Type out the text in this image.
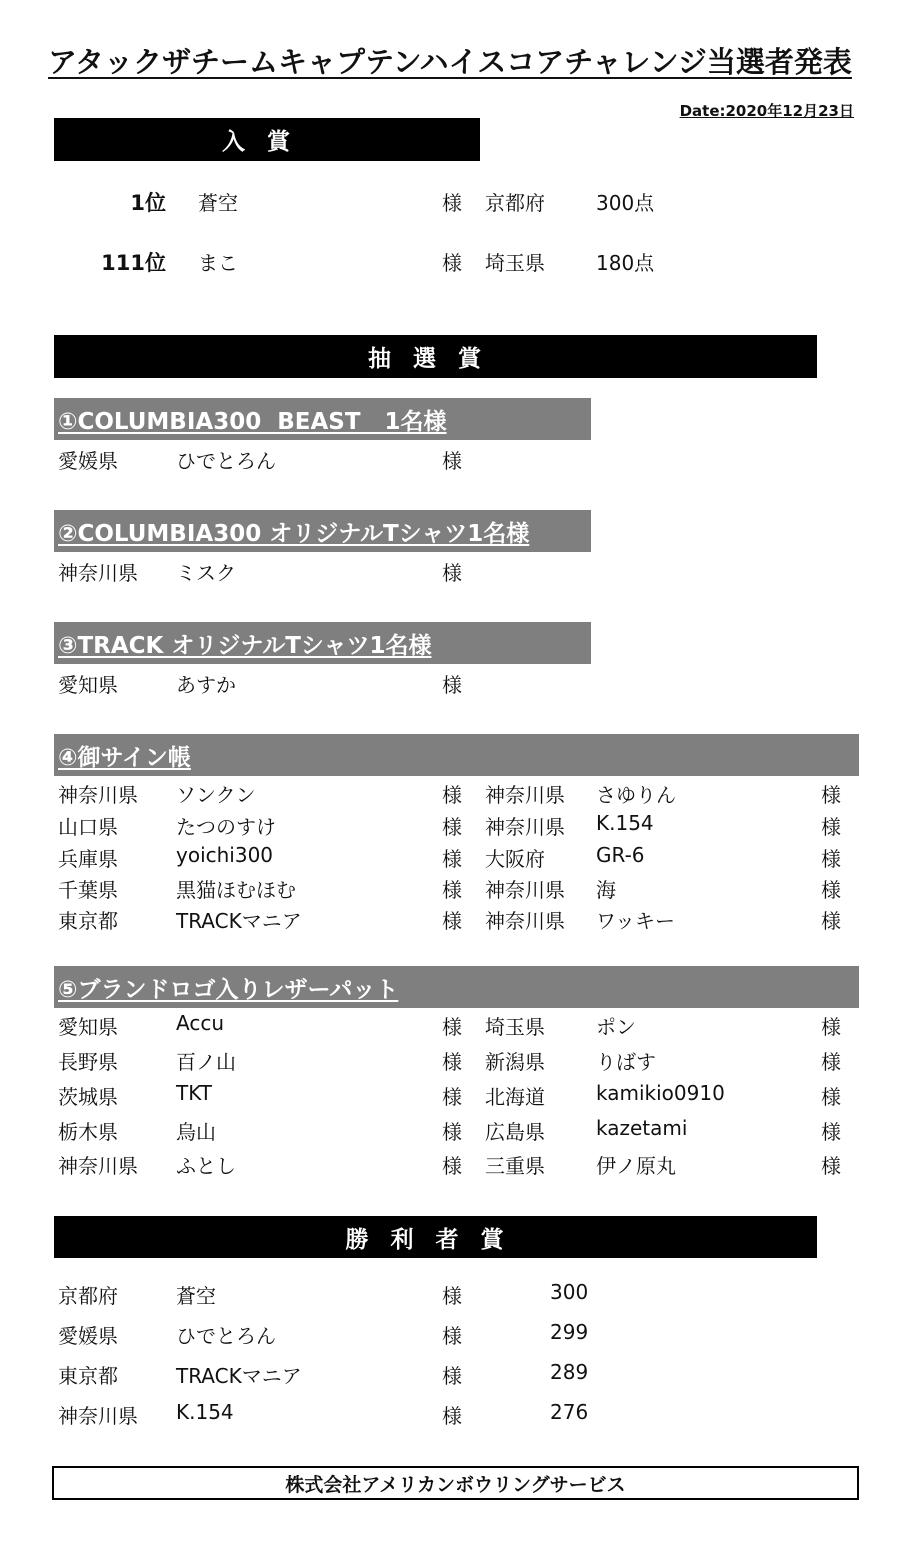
アタックザチームキャプテンハイスコアチャレンジ当選者発表
Date:2020年12月23日
入賞
1位 蒼空	様 京都府	300点
111位 まこ	様 埼玉県	180点
抽選賞
①COLUMBIA300  BEAST   1名様
愛媛県	ひでとろん	様
②COLUMBIA300 オリジナルTシャツ1名様
神奈川県 ミスク	様
③TRACK オリジナルTシャツ1名様
愛知県	あすか	様
④御サイン帳
神奈川県 ソンクン	様 神奈川県 さゆりん	様
山口県	たつのすけ	様 神奈川県 K.154	様
兵庫県	yoichi300	様 大阪府	GR-6	様
千葉県	黒猫ほむほむ	様 神奈川県 海	様
東京都	TRACKマニア	様 神奈川県 ワッキー	様
⑤ブランドロゴ入りレザーパット
愛知県	Accu	様 埼玉県	ポン	様
長野県	百ノ山	様 新潟県	りばす	様
茨城県	TKT	様 北海道	kamikio0910	様
栃木県	烏山	様 広島県	kazetami	様
神奈川県 ふとし	様 三重県	伊ノ原丸	様
勝利者賞
京都府	蒼空	様	300
愛媛県	ひでとろん	様	299
東京都	TRACKマニア	様	289
神奈川県 K.154	様	276
株式会社アメリカンボウリングサービス
